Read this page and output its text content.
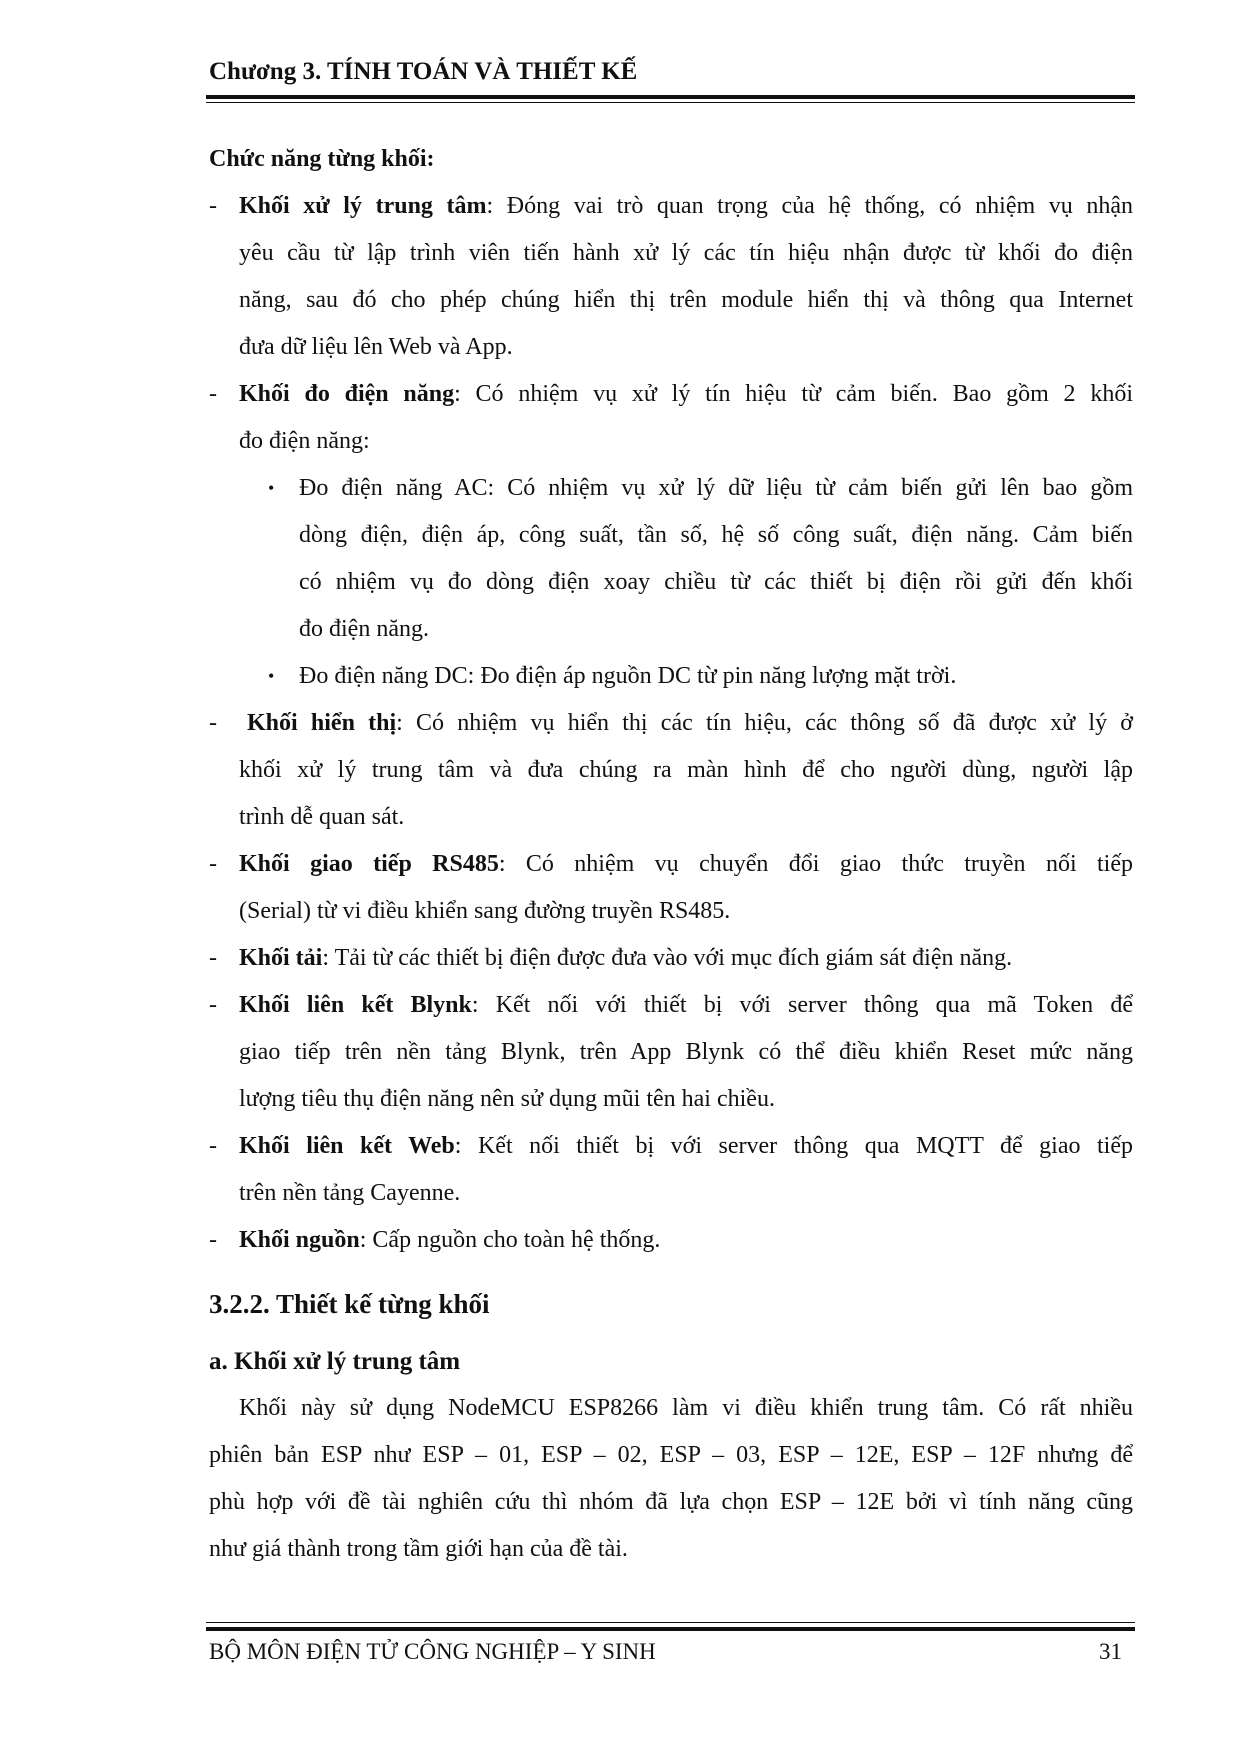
Chương 3. TÍNH TOÁN VÀ THIẾT KẾ
Chức năng từng khối:
- Khối xử lý trung tâm: Đóng vai trò quan trọng của hệ thống, có nhiệm vụ nhận
yêu cầu từ lập trình viên tiến hành xử lý các tín hiệu nhận được từ khối đo điện
năng, sau đó cho phép chúng hiển thị trên module hiển thị và thông qua Internet
đưa dữ liệu lên Web và App.
- Khối đo điện năng: Có nhiệm vụ xử lý tín hiệu từ cảm biến. Bao gồm 2 khối
đo điện năng:
• Đo điện năng AC: Có nhiệm vụ xử lý dữ liệu từ cảm biến gửi lên bao gồm
dòng điện, điện áp, công suất, tần số, hệ số công suất, điện năng. Cảm biến
có nhiệm vụ đo dòng điện xoay chiều từ các thiết bị điện rồi gửi đến khối
đo điện năng.
• Đo điện năng DC: Đo điện áp nguồn DC từ pin năng lượng mặt trời.
- Khối hiển thị: Có nhiệm vụ hiển thị các tín hiệu, các thông số đã được xử lý ở
khối xử lý trung tâm và đưa chúng ra màn hình để cho người dùng, người lập
trình dễ quan sát.
- Khối giao tiếp RS485: Có nhiệm vụ chuyển đổi giao thức truyền nối tiếp
(Serial) từ vi điều khiển sang đường truyền RS485.
- Khối tải: Tải từ các thiết bị điện được đưa vào với mục đích giám sát điện năng.
- Khối liên kết Blynk: Kết nối với thiết bị với server thông qua mã Token để
giao tiếp trên nền tảng Blynk, trên App Blynk có thể điều khiển Reset mức năng
lượng tiêu thụ điện năng nên sử dụng mũi tên hai chiều.
- Khối liên kết Web: Kết nối thiết bị với server thông qua MQTT để giao tiếp
trên nền tảng Cayenne.
- Khối nguồn: Cấp nguồn cho toàn hệ thống.
3.2.2. Thiết kế từng khối
a. Khối xử lý trung tâm
Khối này sử dụng NodeMCU ESP8266 làm vi điều khiển trung tâm. Có rất nhiều
phiên bản ESP như ESP – 01, ESP – 02, ESP – 03, ESP – 12E, ESP – 12F nhưng để
phù hợp với đề tài nghiên cứu thì nhóm đã lựa chọn ESP – 12E bởi vì tính năng cũng
như giá thành trong tầm giới hạn của đề tài.
BỘ MÔN ĐIỆN TỬ CÔNG NGHIỆP – Y SINH	31
